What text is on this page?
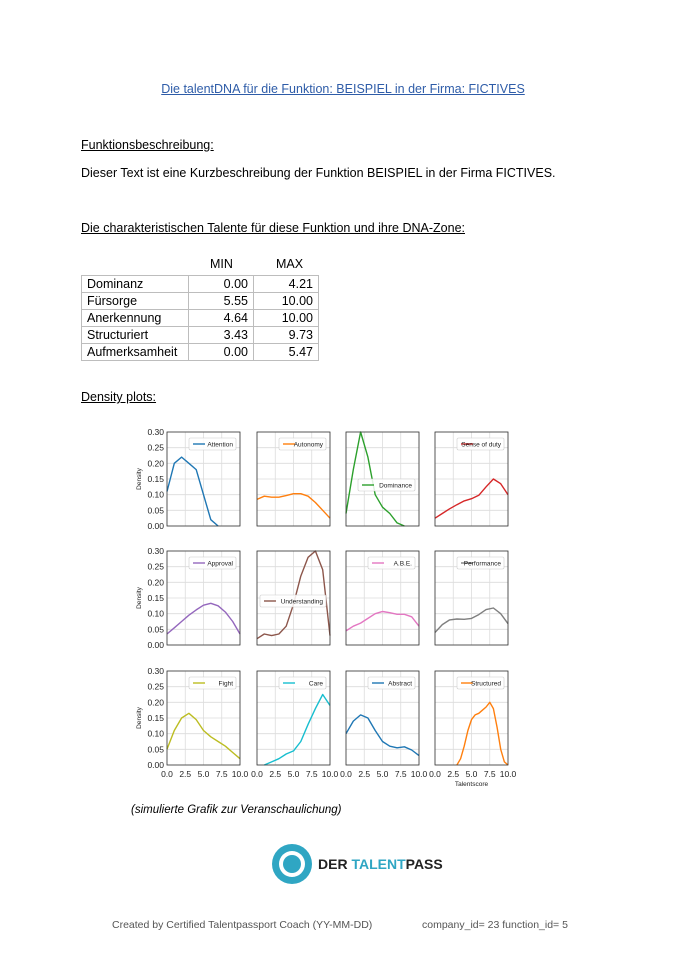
Die talentDNA für die Funktion: BEISPIEL in der Firma: FICTIVES
Funktionsbeschreibung:
Dieser Text ist eine Kurzbeschreibung der Funktion BEISPIEL in der Firma FICTIVES.
Die charakteristischen Talente für diese Funktion und ihre DNA-Zone:
MIN	MAX
Dominanz	0.00	4.21
Fürsorge	5.55	10.00
Anerkennung	4.64	10.00
Structuriert	3.43	9.73
Aufmerksamheit	0.00	5.47
Density plots:
Attention
0.00
0.05
0.10
0.15
0.20
0.25
0.30
Density
Autonomy
Dominance
Sense of duty
Approval
0.00
0.05
0.10
0.15
0.20
0.25
0.30
Density	Understanding
A.B.E.	Performance
Fight
0.00
0.05
0.10
0.15
0.20
0.25
0.30
Density
0.0 2.5 5.0 7.5 10.0
Care
0.0 2.5 5.0 7.5 10.0
Abstract
0.0 2.5 5.0 7.5 10.0
Structured
0.0 2.5 5.0 7.5 10.0
Talentscore
(simulierte Grafik zur Veranschaulichung)
DER TALENTPASS
Created by Certified Talentpassport Coach (YY-MM-DD)	company_id= 23 function_id= 5
